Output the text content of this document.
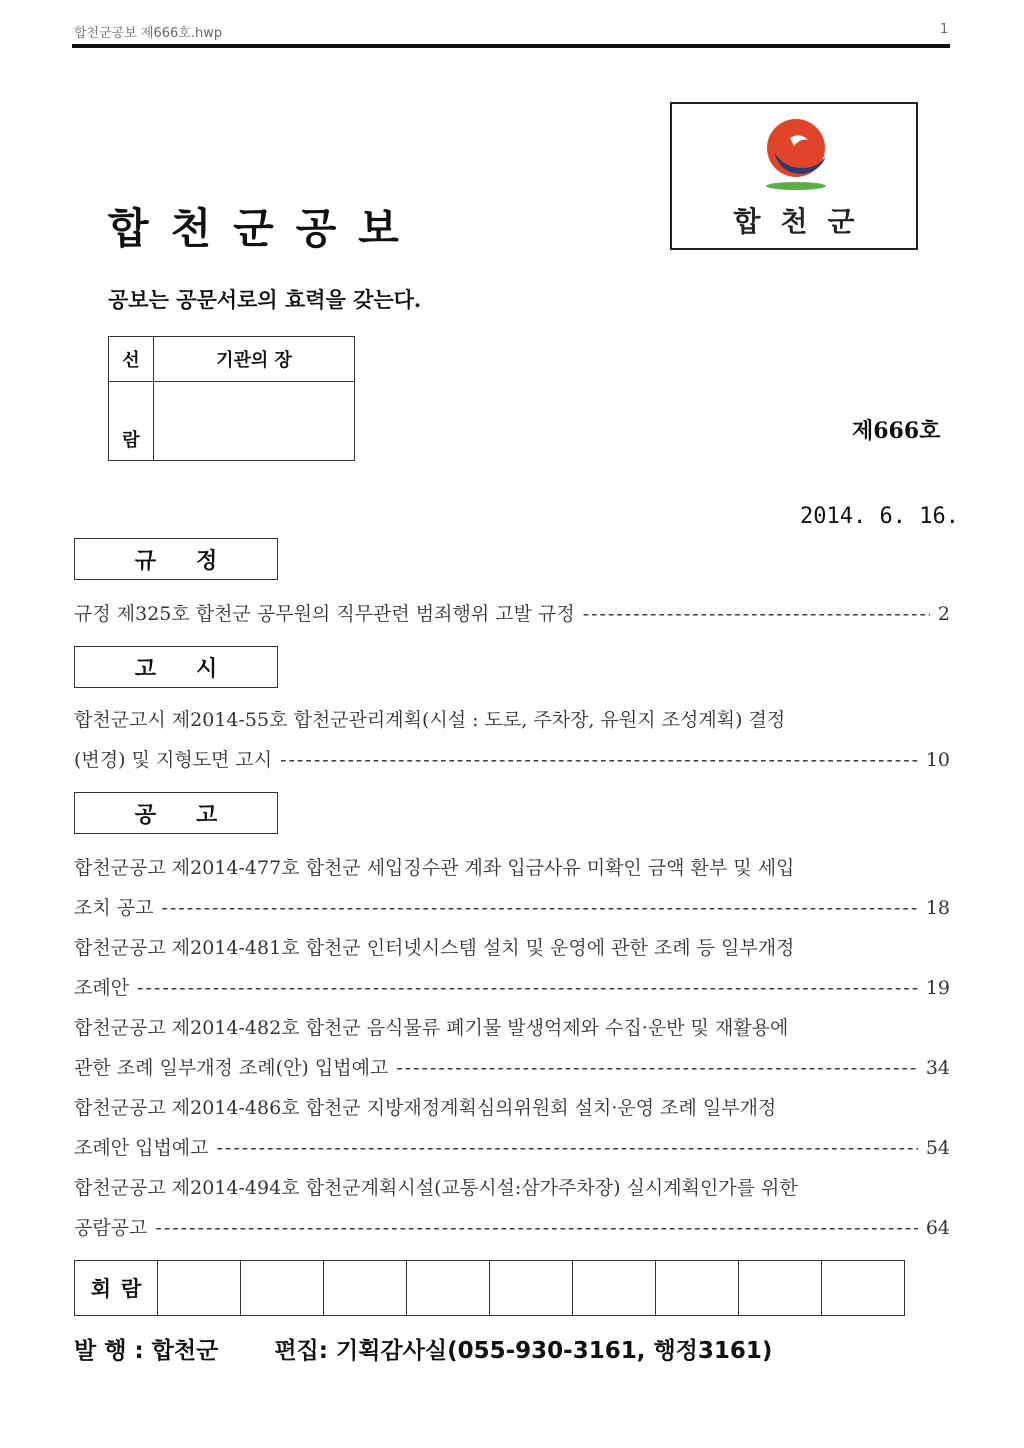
합천군공보 제666호.hwp	1
합천군공보
공보는 공문서로의 효력을 갖는다.
합천군
선	기관의 장
람		제666호
2014. 6. 16.
규정
규정 제325호 합천군 공무원의 직무관련 범죄행위 고발 규정 -----	2
고시
합천군고시 제2014-55호 합천군관리계획(시설 : 도로, 주차장, 유원지 조성계획) 결정
(변경) 및 지형도면 고시 -----	10
공고
합천군공고 제2014-477호 합천군 세입징수관 계좌 입금사유 미확인 금액 환부 및 세입
조치 공고 -----	18
합천군공고 제2014-481호 합천군 인터넷시스템 설치 및 운영에 관한 조례 등 일부개정
조례안 -----	19
합천군공고 제2014-482호 합천군 음식물류 폐기물 발생억제와 수집·운반 및 재활용에
관한 조례 일부개정 조례(안) 입법예고 -----	34
합천군공고 제2014-486호 합천군 지방재정계획심의위원회 설치·운영 조례 일부개정
조례안 입법예고 -----	54
합천군공고 제2014-494호 합천군계획시설(교통시설:삼가주차장) 실시계획인가를 위한
공람공고 -----	64
회람									
발 행 : 합천군 편집: 기획감사실(055-930-3161, 행정3161)
